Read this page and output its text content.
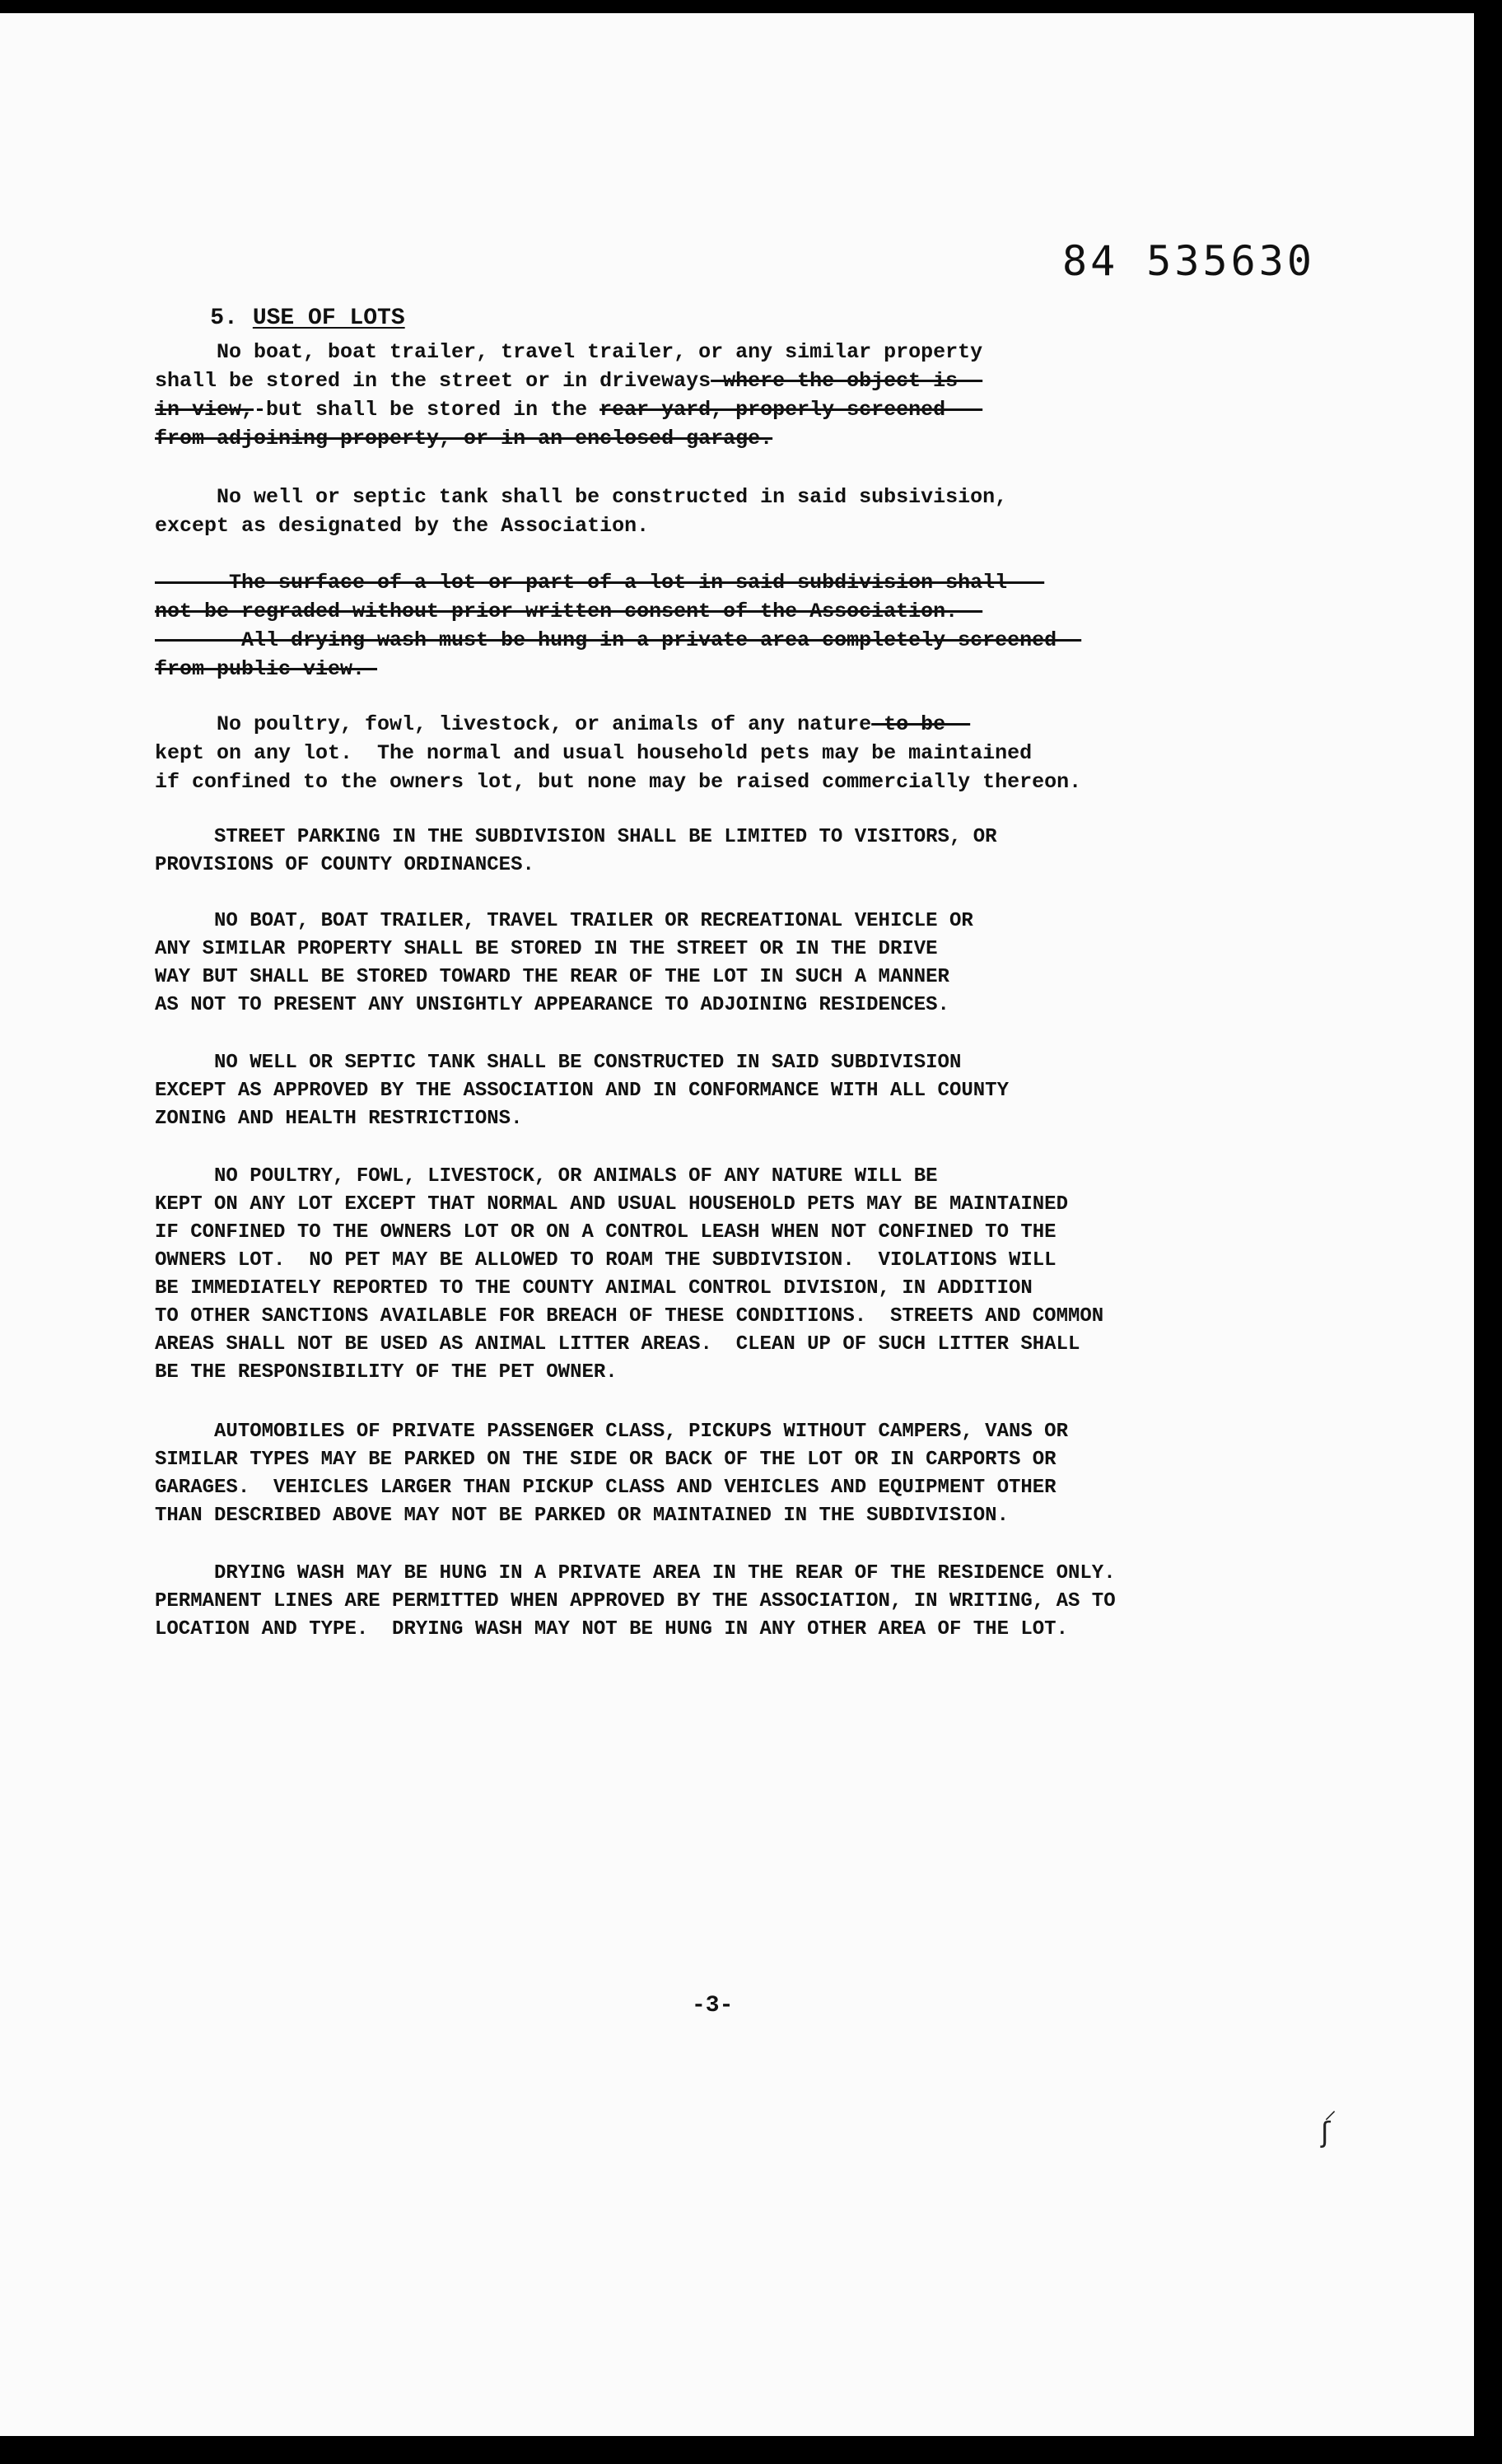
84 535630

5. USE OF LOTS

No boat, boat trailer, travel trailer, or any similar property
shall be stored in the street or in driveways-where-the-object-is--
in-view,-but shall be stored in the rear-yard,-properly-screened---
from-adjoining-property,-or-in-an-enclosed-garage.
No well or septic tank shall be constructed in said subsivision,
except as designated by the Association.
-The-surface-of-a-lot-or-part-of-a-lot-in-said-subdivision-shall---
not-be-regraded-without-prior-written-consent-of-the-Association.--
--All-drying-wash-must-be-hung-in-a-private-area-completely-screened--
from-public-view.-
No poultry, fowl, livestock, or animals of any nature-to-be--
kept on any lot.  The normal and usual household pets may be maintained
if confined to the owners lot, but none may be raised commercially thereon.
STREET PARKING IN THE SUBDIVISION SHALL BE LIMITED TO VISITORS, OR
PROVISIONS OF COUNTY ORDINANCES.
NO BOAT, BOAT TRAILER, TRAVEL TRAILER OR RECREATIONAL VEHICLE OR
ANY SIMILAR PROPERTY SHALL BE STORED IN THE STREET OR IN THE DRIVE
WAY BUT SHALL BE STORED TOWARD THE REAR OF THE LOT IN SUCH A MANNER
AS NOT TO PRESENT ANY UNSIGHTLY APPEARANCE TO ADJOINING RESIDENCES.
NO WELL OR SEPTIC TANK SHALL BE CONSTRUCTED IN SAID SUBDIVISION
EXCEPT AS APPROVED BY THE ASSOCIATION AND IN CONFORMANCE WITH ALL COUNTY
ZONING AND HEALTH RESTRICTIONS.
NO POULTRY, FOWL, LIVESTOCK, OR ANIMALS OF ANY NATURE WILL BE
KEPT ON ANY LOT EXCEPT THAT NORMAL AND USUAL HOUSEHOLD PETS MAY BE MAINTAINED
IF CONFINED TO THE OWNERS LOT OR ON A CONTROL LEASH WHEN NOT CONFINED TO THE
OWNERS LOT.  NO PET MAY BE ALLOWED TO ROAM THE SUBDIVISION.  VIOLATIONS WILL
BE IMMEDIATELY REPORTED TO THE COUNTY ANIMAL CONTROL DIVISION, IN ADDITION
TO OTHER SANCTIONS AVAILABLE FOR BREACH OF THESE CONDITIONS.  STREETS AND COMMON
AREAS SHALL NOT BE USED AS ANIMAL LITTER AREAS.  CLEAN UP OF SUCH LITTER SHALL
BE THE RESPONSIBILITY OF THE PET OWNER.
AUTOMOBILES OF PRIVATE PASSENGER CLASS, PICKUPS WITHOUT CAMPERS, VANS OR
SIMILAR TYPES MAY BE PARKED ON THE SIDE OR BACK OF THE LOT OR IN CARPORTS OR
GARAGES.  VEHICLES LARGER THAN PICKUP CLASS AND VEHICLES AND EQUIPMENT OTHER
THAN DESCRIBED ABOVE MAY NOT BE PARKED OR MAINTAINED IN THE SUBDIVISION.
DRYING WASH MAY BE HUNG IN A PRIVATE AREA IN THE REAR OF THE RESIDENCE ONLY.
PERMANENT LINES ARE PERMITTED WHEN APPROVED BY THE ASSOCIATION, IN WRITING, AS TO
LOCATION AND TYPE.  DRYING WASH MAY NOT BE HUNG IN ANY OTHER AREA OF THE LOT.
-3-
⸝
ʃ
